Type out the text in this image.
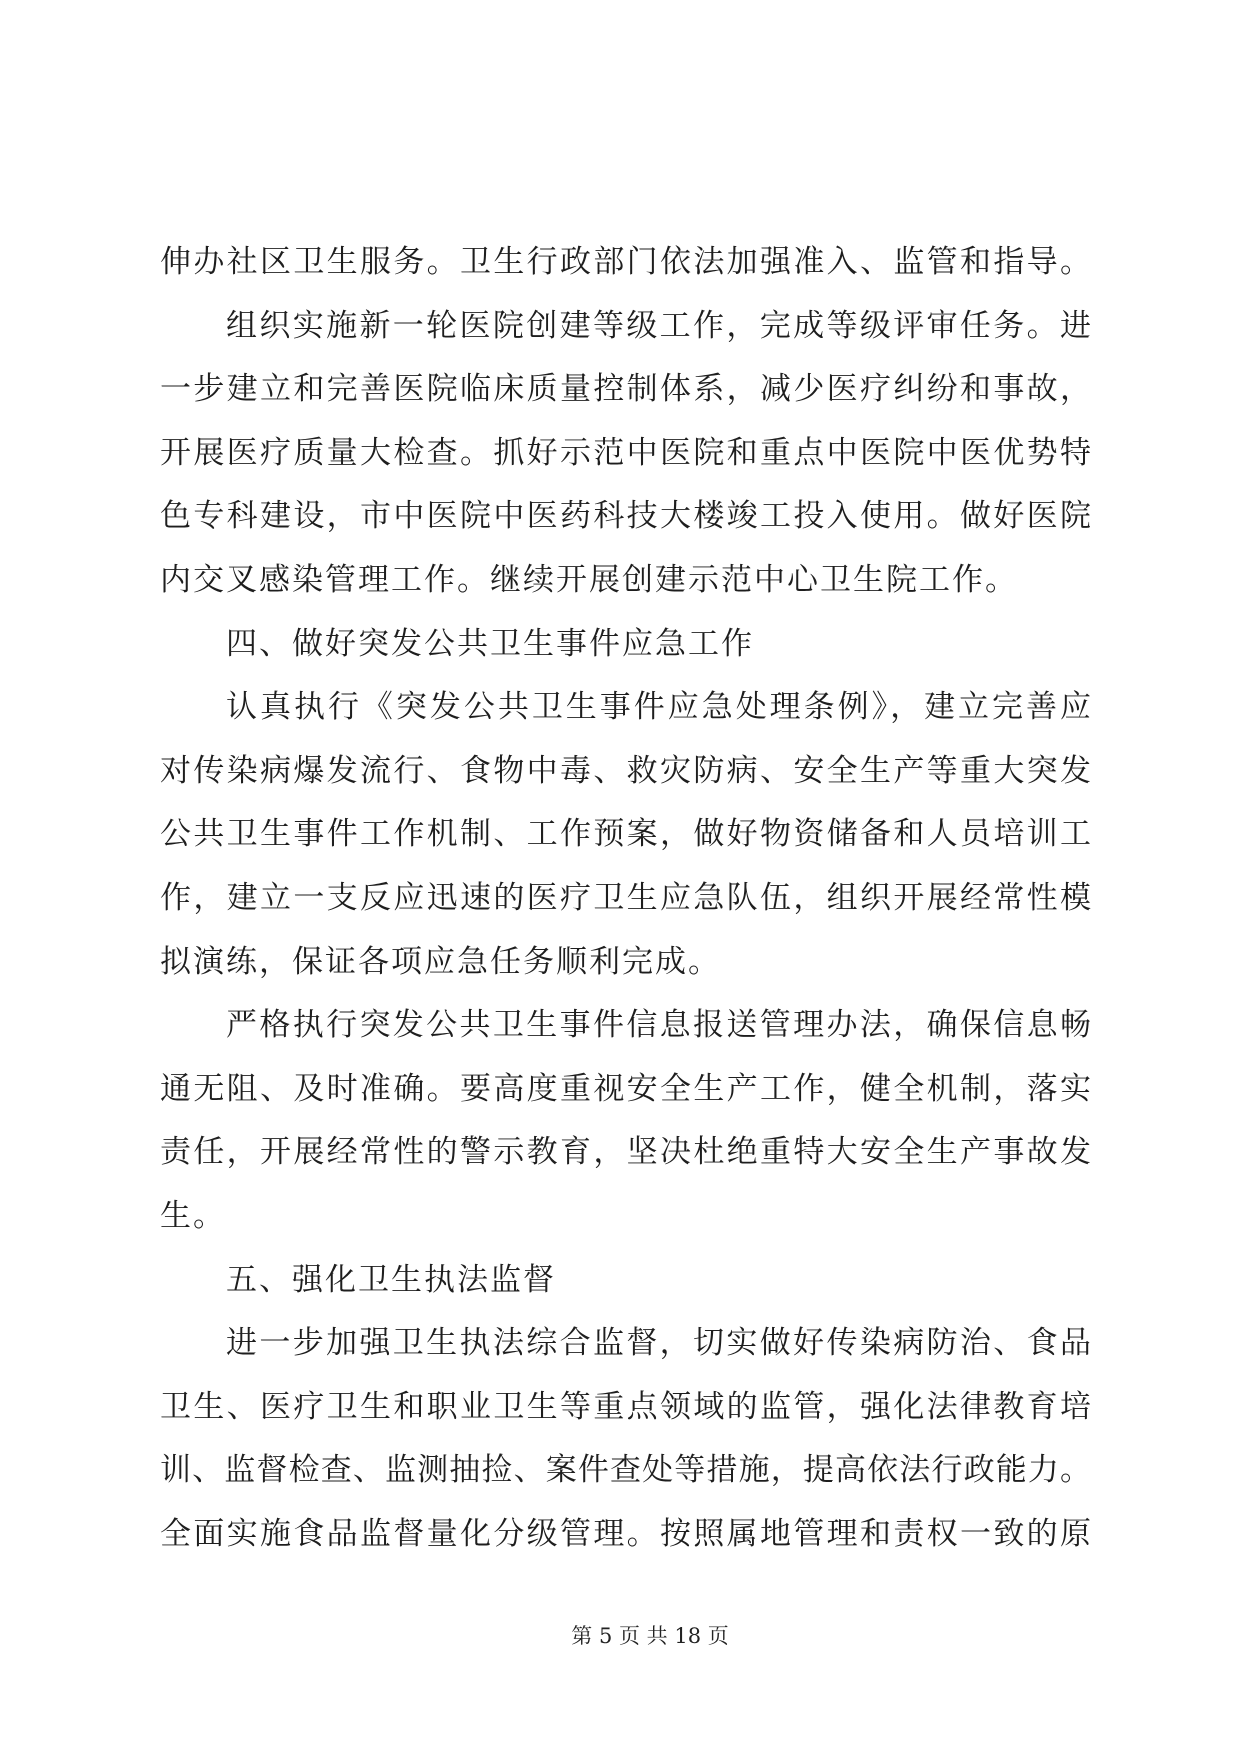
伸办社区卫生服务。卫生行政部门依法加强准入、监管和指导。
组织实施新一轮医院创建等级工作，完成等级评审任务。进
一步建立和完善医院临床质量控制体系，减少医疗纠纷和事故，
开展医疗质量大检查。抓好示范中医院和重点中医院中医优势特
色专科建设，市中医院中医药科技大楼竣工投入使用。做好医院
内交叉感染管理工作。继续开展创建示范中心卫生院工作。
四、做好突发公共卫生事件应急工作
认真执行《突发公共卫生事件应急处理条例》，建立完善应
对传染病爆发流行、食物中毒、救灾防病、安全生产等重大突发
公共卫生事件工作机制、工作预案，做好物资储备和人员培训工
作，建立一支反应迅速的医疗卫生应急队伍，组织开展经常性模
拟演练，保证各项应急任务顺利完成。
严格执行突发公共卫生事件信息报送管理办法，确保信息畅
通无阻、及时准确。要高度重视安全生产工作，健全机制，落实
责任，开展经常性的警示教育，坚决杜绝重特大安全生产事故发
生。
五、强化卫生执法监督
进一步加强卫生执法综合监督，切实做好传染病防治、食品
卫生、医疗卫生和职业卫生等重点领域的监管，强化法律教育培
训、监督检查、监测抽捡、案件查处等措施，提高依法行政能力。
全面实施食品监督量化分级管理。按照属地管理和责权一致的原
第 5 页 共 18 页
